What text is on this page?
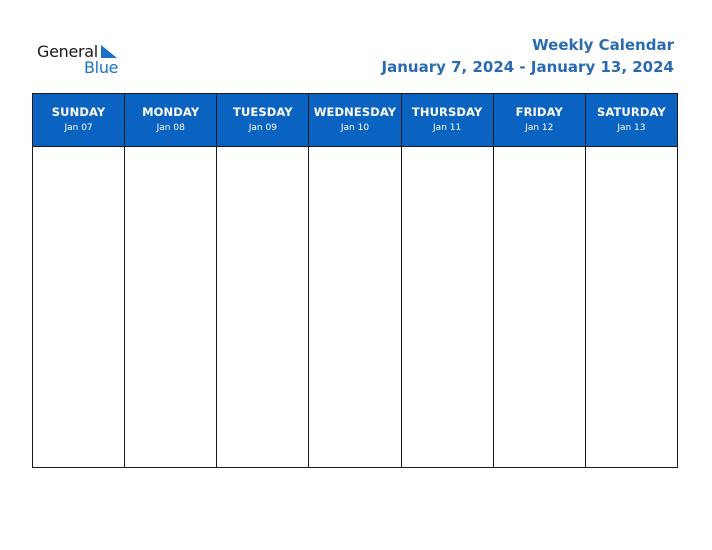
General
Blue
Weekly Calendar
January 7, 2024 - January 13, 2024
SUNDAY
Jan 07
MONDAY
Jan 08
TUESDAY
Jan 09
WEDNESDAY
Jan 10
THURSDAY
Jan 11
FRIDAY
Jan 12
SATURDAY
Jan 13
